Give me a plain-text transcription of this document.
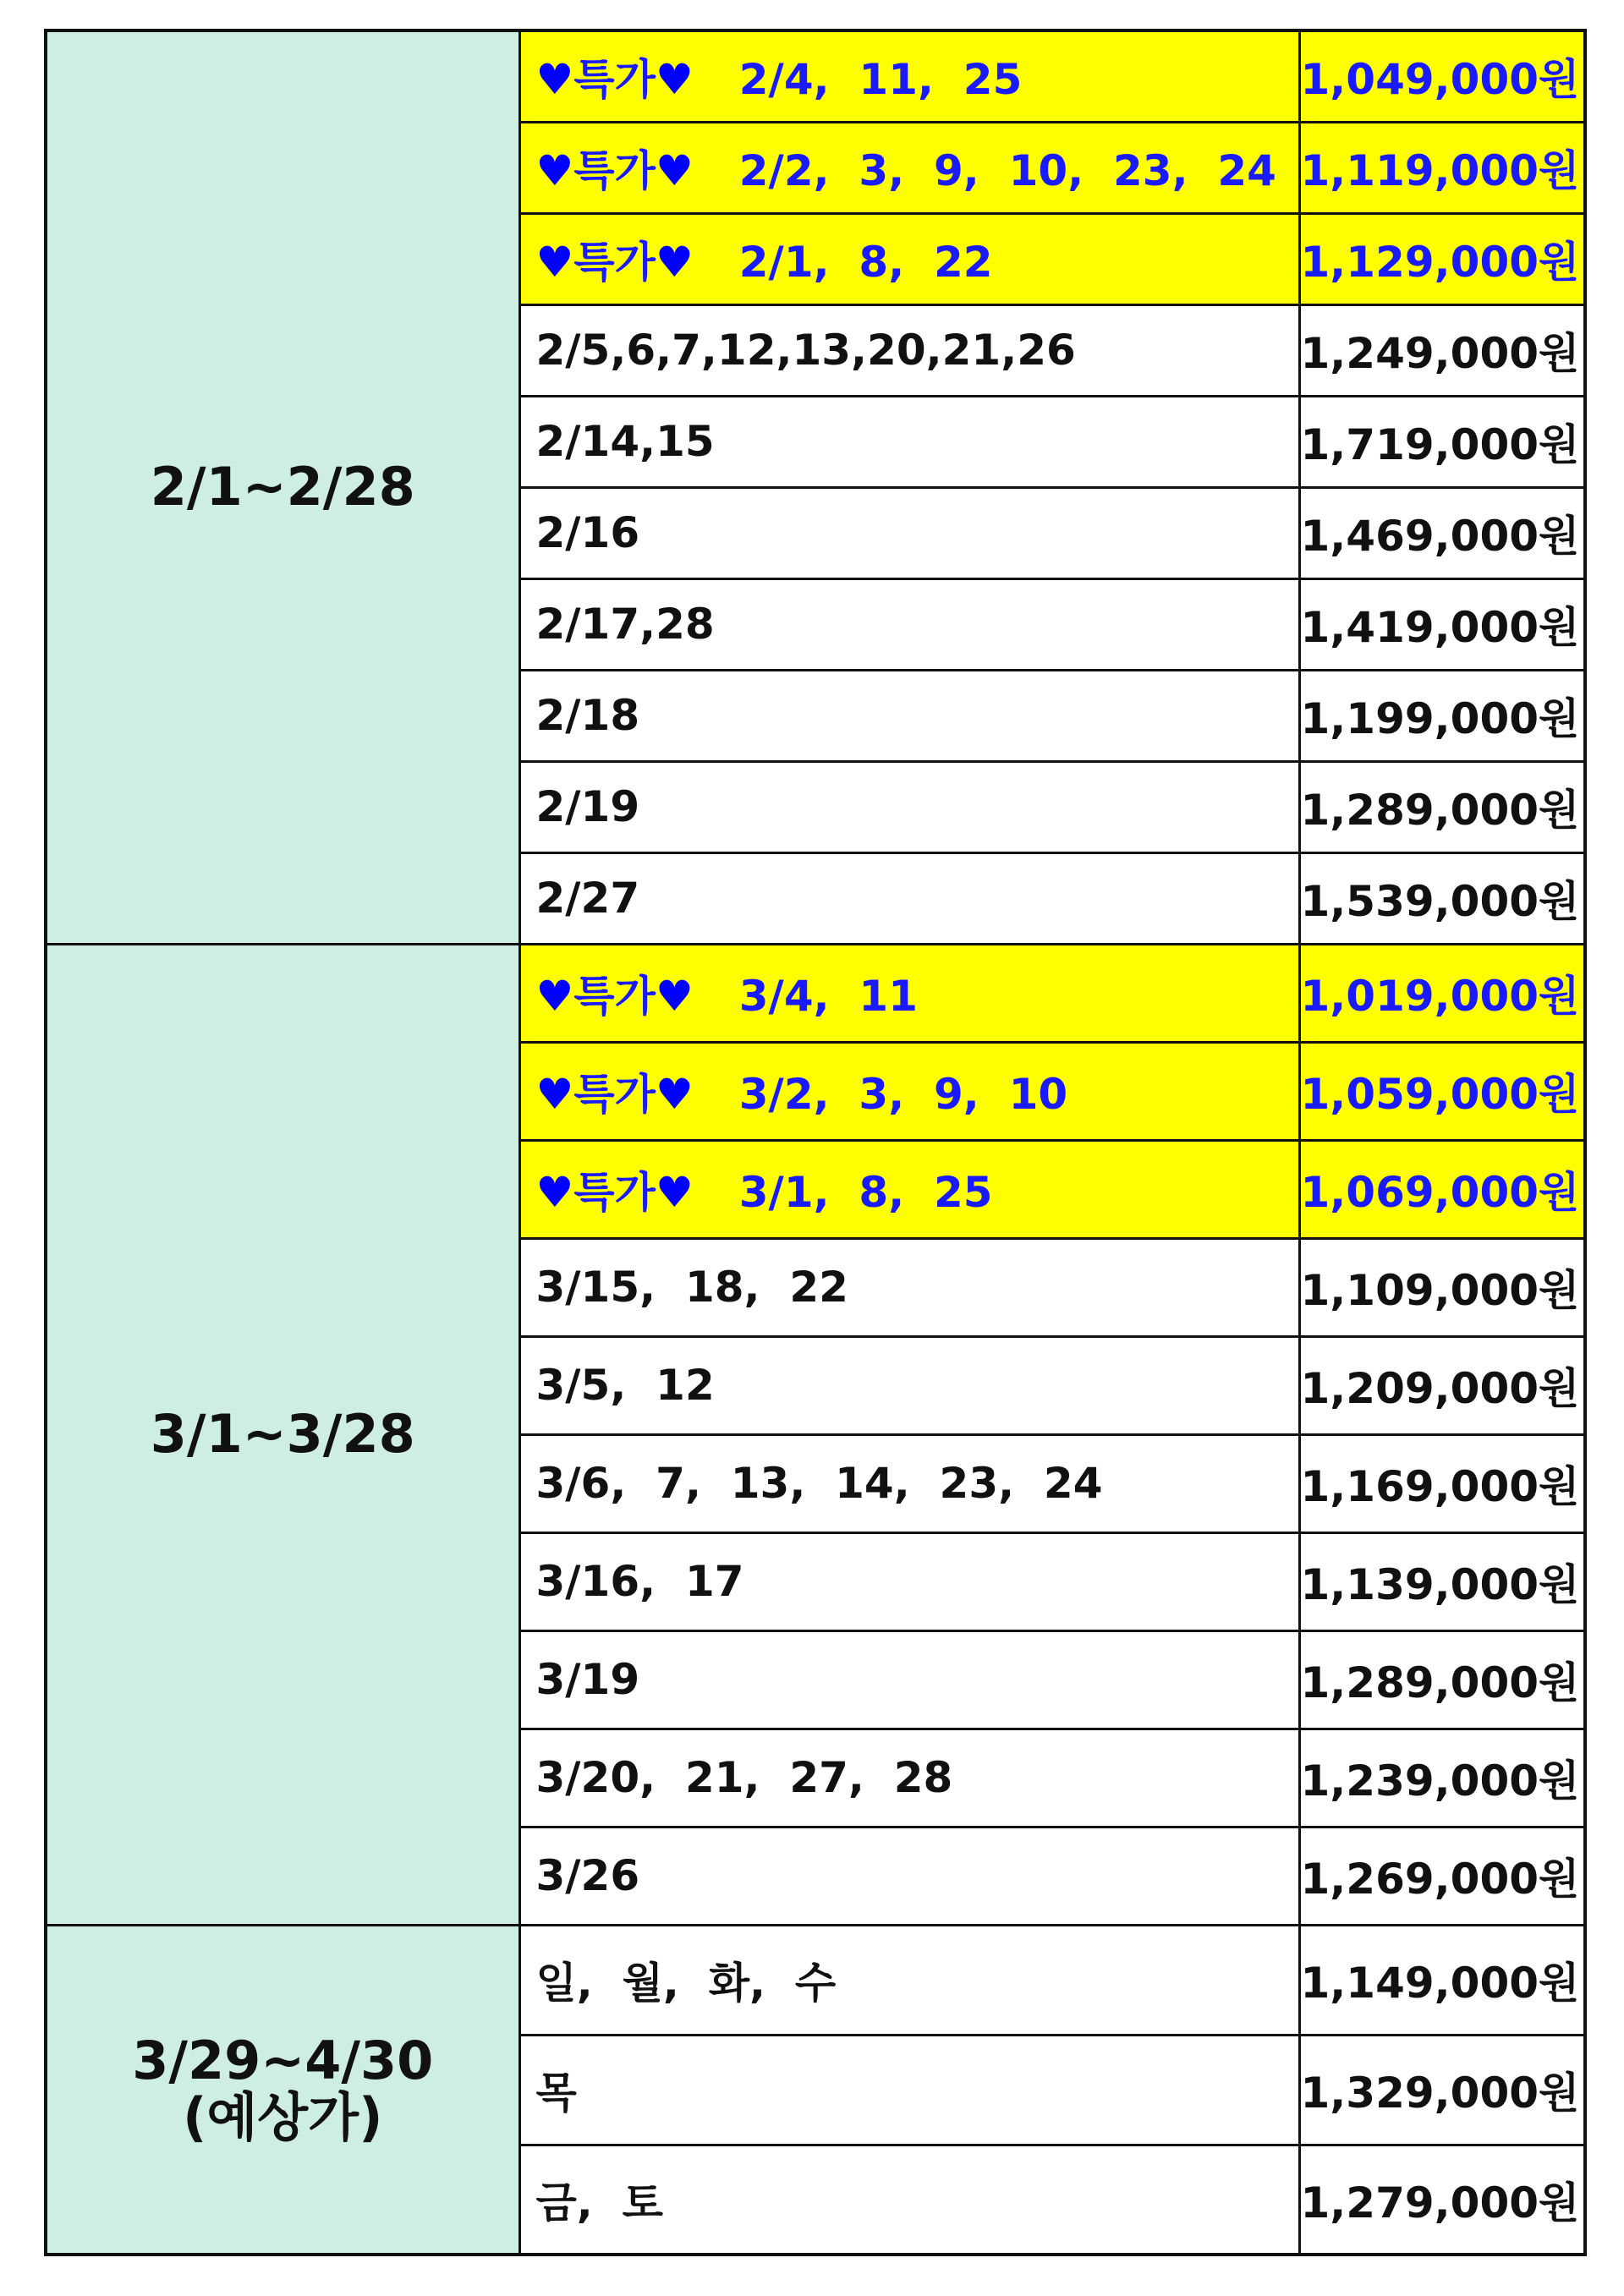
2/1~2/28	♥특가♥ 2/4,  11,  25	1,049,000원
	♥특가♥ 2/2,  3,  9,  10,  23,  24	1,119,000원
	♥특가♥ 2/1,  8,  22	1,129,000원
	2/5,6,7,12,13,20,21,26	1,249,000원
	2/14,15	1,719,000원
	2/16	1,469,000원
	2/17,28	1,419,000원
	2/18	1,199,000원
	2/19	1,289,000원
	2/27	1,539,000원

3/1~3/28	♥특가♥ 3/4,  11	1,019,000원
	♥특가♥ 3/2,  3,  9,  10	1,059,000원
	♥특가♥ 3/1,  8,  25	1,069,000원
	3/15,  18,  22	1,109,000원
	3/5,  12	1,209,000원
	3/6,  7,  13,  14,  23,  24	1,169,000원
	3/16,  17	1,139,000원
	3/19	1,289,000원
	3/20,  21,  27,  28	1,239,000원
	3/26	1,269,000원

3/29~4/30
(예상가)	일,  월,  화,  수	1,149,000원
	목	1,329,000원
	금,  토	1,279,000원
